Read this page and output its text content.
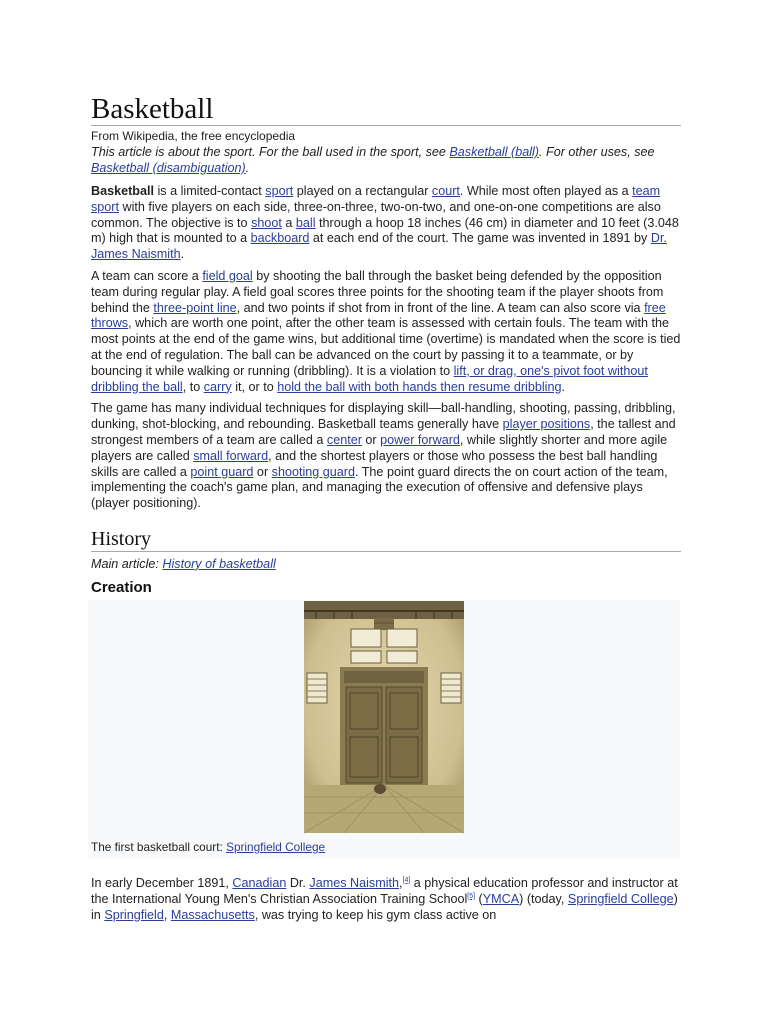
Basketball
From Wikipedia, the free encyclopedia
This article is about the sport. For the ball used in the sport, see Basketball (ball). For other uses, see Basketball (disambiguation).

Basketball is a limited-contact sport played on a rectangular court. While most often played as a team sport with five players on each side, three-on-three, two-on-two, and one-on-one competitions are also common. The objective is to shoot a ball through a hoop 18 inches (46 cm) in diameter and 10 feet (3.048 m) high that is mounted to a backboard at each end of the court. The game was invented in 1891 by Dr. James Naismith.

A team can score a field goal by shooting the ball through the basket being defended by the opposition team during regular play. A field goal scores three points for the shooting team if the player shoots from behind the three-point line, and two points if shot from in front of the line. A team can also score via free throws, which are worth one point, after the other team is assessed with certain fouls. The team with the most points at the end of the game wins, but additional time (overtime) is mandated when the score is tied at the end of regulation. The ball can be advanced on the court by passing it to a teammate, or by bouncing it while walking or running (dribbling). It is a violation to lift, or drag, one's pivot foot without dribbling the ball, to carry it, or to hold the ball with both hands then resume dribbling.

The game has many individual techniques for displaying skill—ball-handling, shooting, passing, dribbling, dunking, shot-blocking, and rebounding. Basketball teams generally have player positions, the tallest and strongest members of a team are called a center or power forward, while slightly shorter and more agile players are called small forward, and the shortest players or those who possess the best ball handling skills are called a point guard or shooting guard. The point guard directs the on court action of the team, implementing the coach's game plan, and managing the execution of offensive and defensive plays (player positioning).

History
Main article: History of basketball
Creation
The first basketball court: Springfield College

In early December 1891, Canadian Dr. James Naismith,[4] a physical education professor and instructor at the International Young Men's Christian Association Training School[5] (YMCA) (today, Springfield College) in Springfield, Massachusetts, was trying to keep his gym class active on
